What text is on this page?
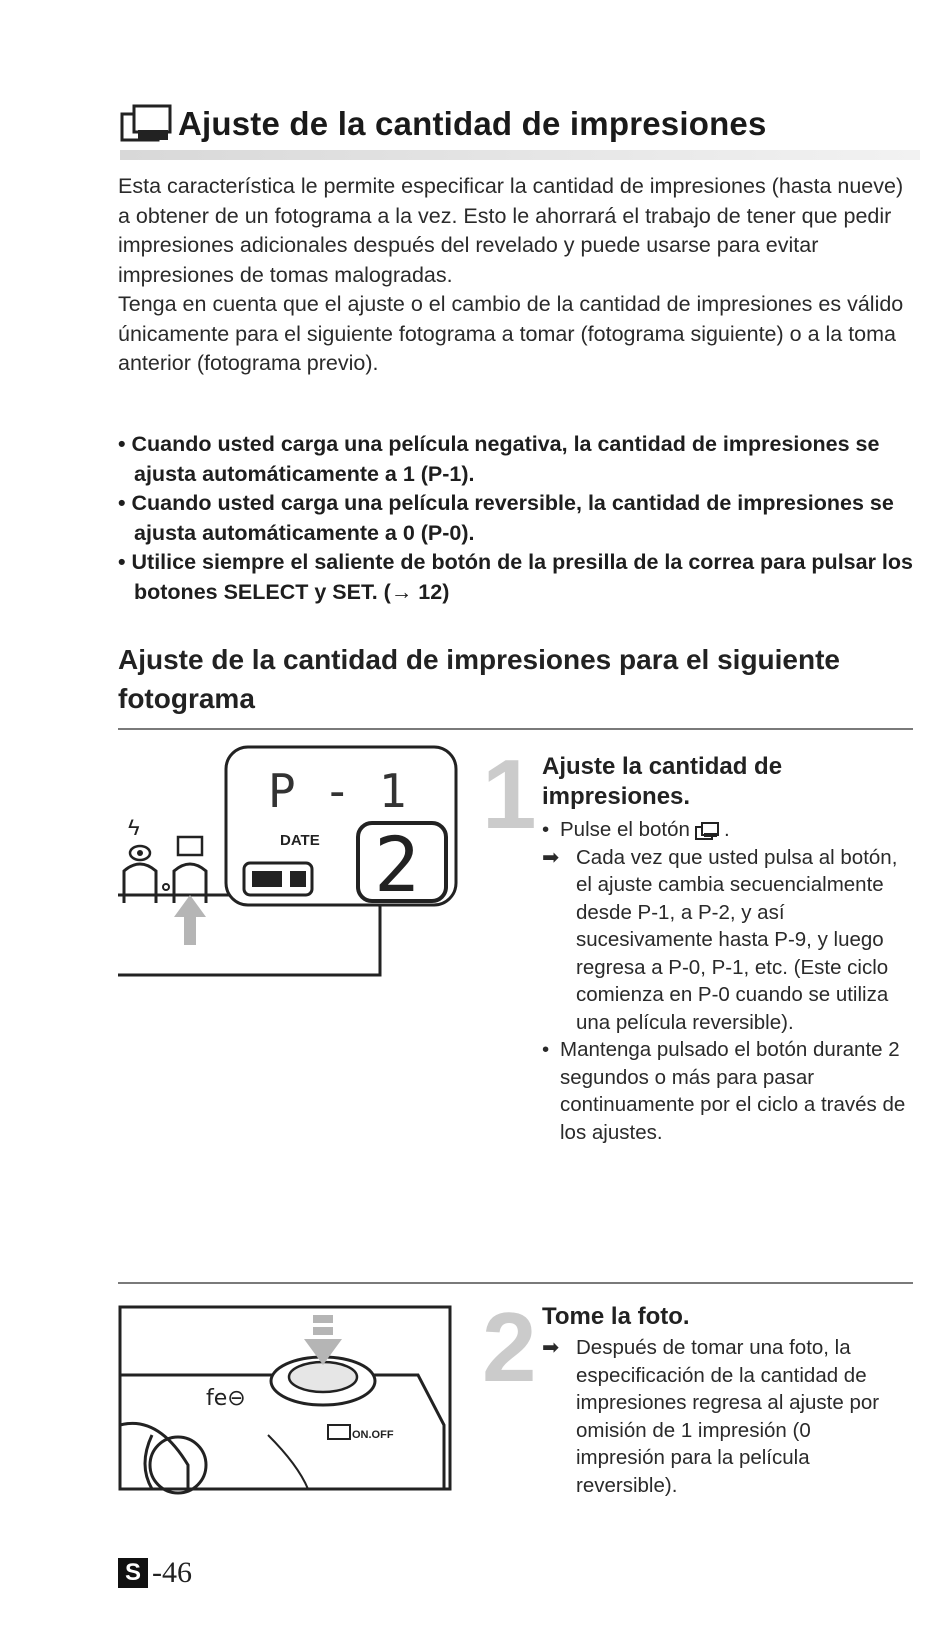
Ajuste de la cantidad de impresiones

Esta característica le permite especificar la cantidad de impresiones (hasta nueve) a obtener de un fotograma a la vez. Esto le ahorrará el trabajo de tener que pedir impresiones adicionales después del revelado y puede usarse para evitar impresiones de tomas malogradas.

Tenga en cuenta que el ajuste o el cambio de la cantidad de impresiones es válido únicamente para el siguiente fotograma a tomar (fotograma siguiente) o a la toma anterior (fotograma previo).

• Cuando usted carga una película negativa, la cantidad de impresiones se ajusta automáticamente a 1 (P-1).
• Cuando usted carga una película reversible, la cantidad de impresiones se ajusta automáticamente a 0 (P-0).
• Utilice siempre el saliente de botón de la presilla de la correa para pulsar los botones SELECT y SET. (→ 12)
Ajuste de la cantidad de impresiones para el siguiente fotograma
P - 1
DATE 2
ϟ	1 Ajuste la cantidad de impresiones.
• Pulse el botón .
➡ Cada vez que usted pulsa al botón, el ajuste cambia secuencialmente desde P-1, a P-2, y así sucesivamente hasta P-9, y luego regresa a P-0, P-1, etc. (Este ciclo comienza en P-0 cuando se utiliza una película reversible).
• Mantenga pulsado el botón durante 2 segundos o más para pasar continuamente por el ciclo a través de los ajustes.
fe⊖
ON.OFF
2 Tome la foto.
➡ Después de tomar una foto, la especificación de la cantidad de impresiones regresa al ajuste por omisión de 1 impresión (0 impresión para la película reversible).
S -46
